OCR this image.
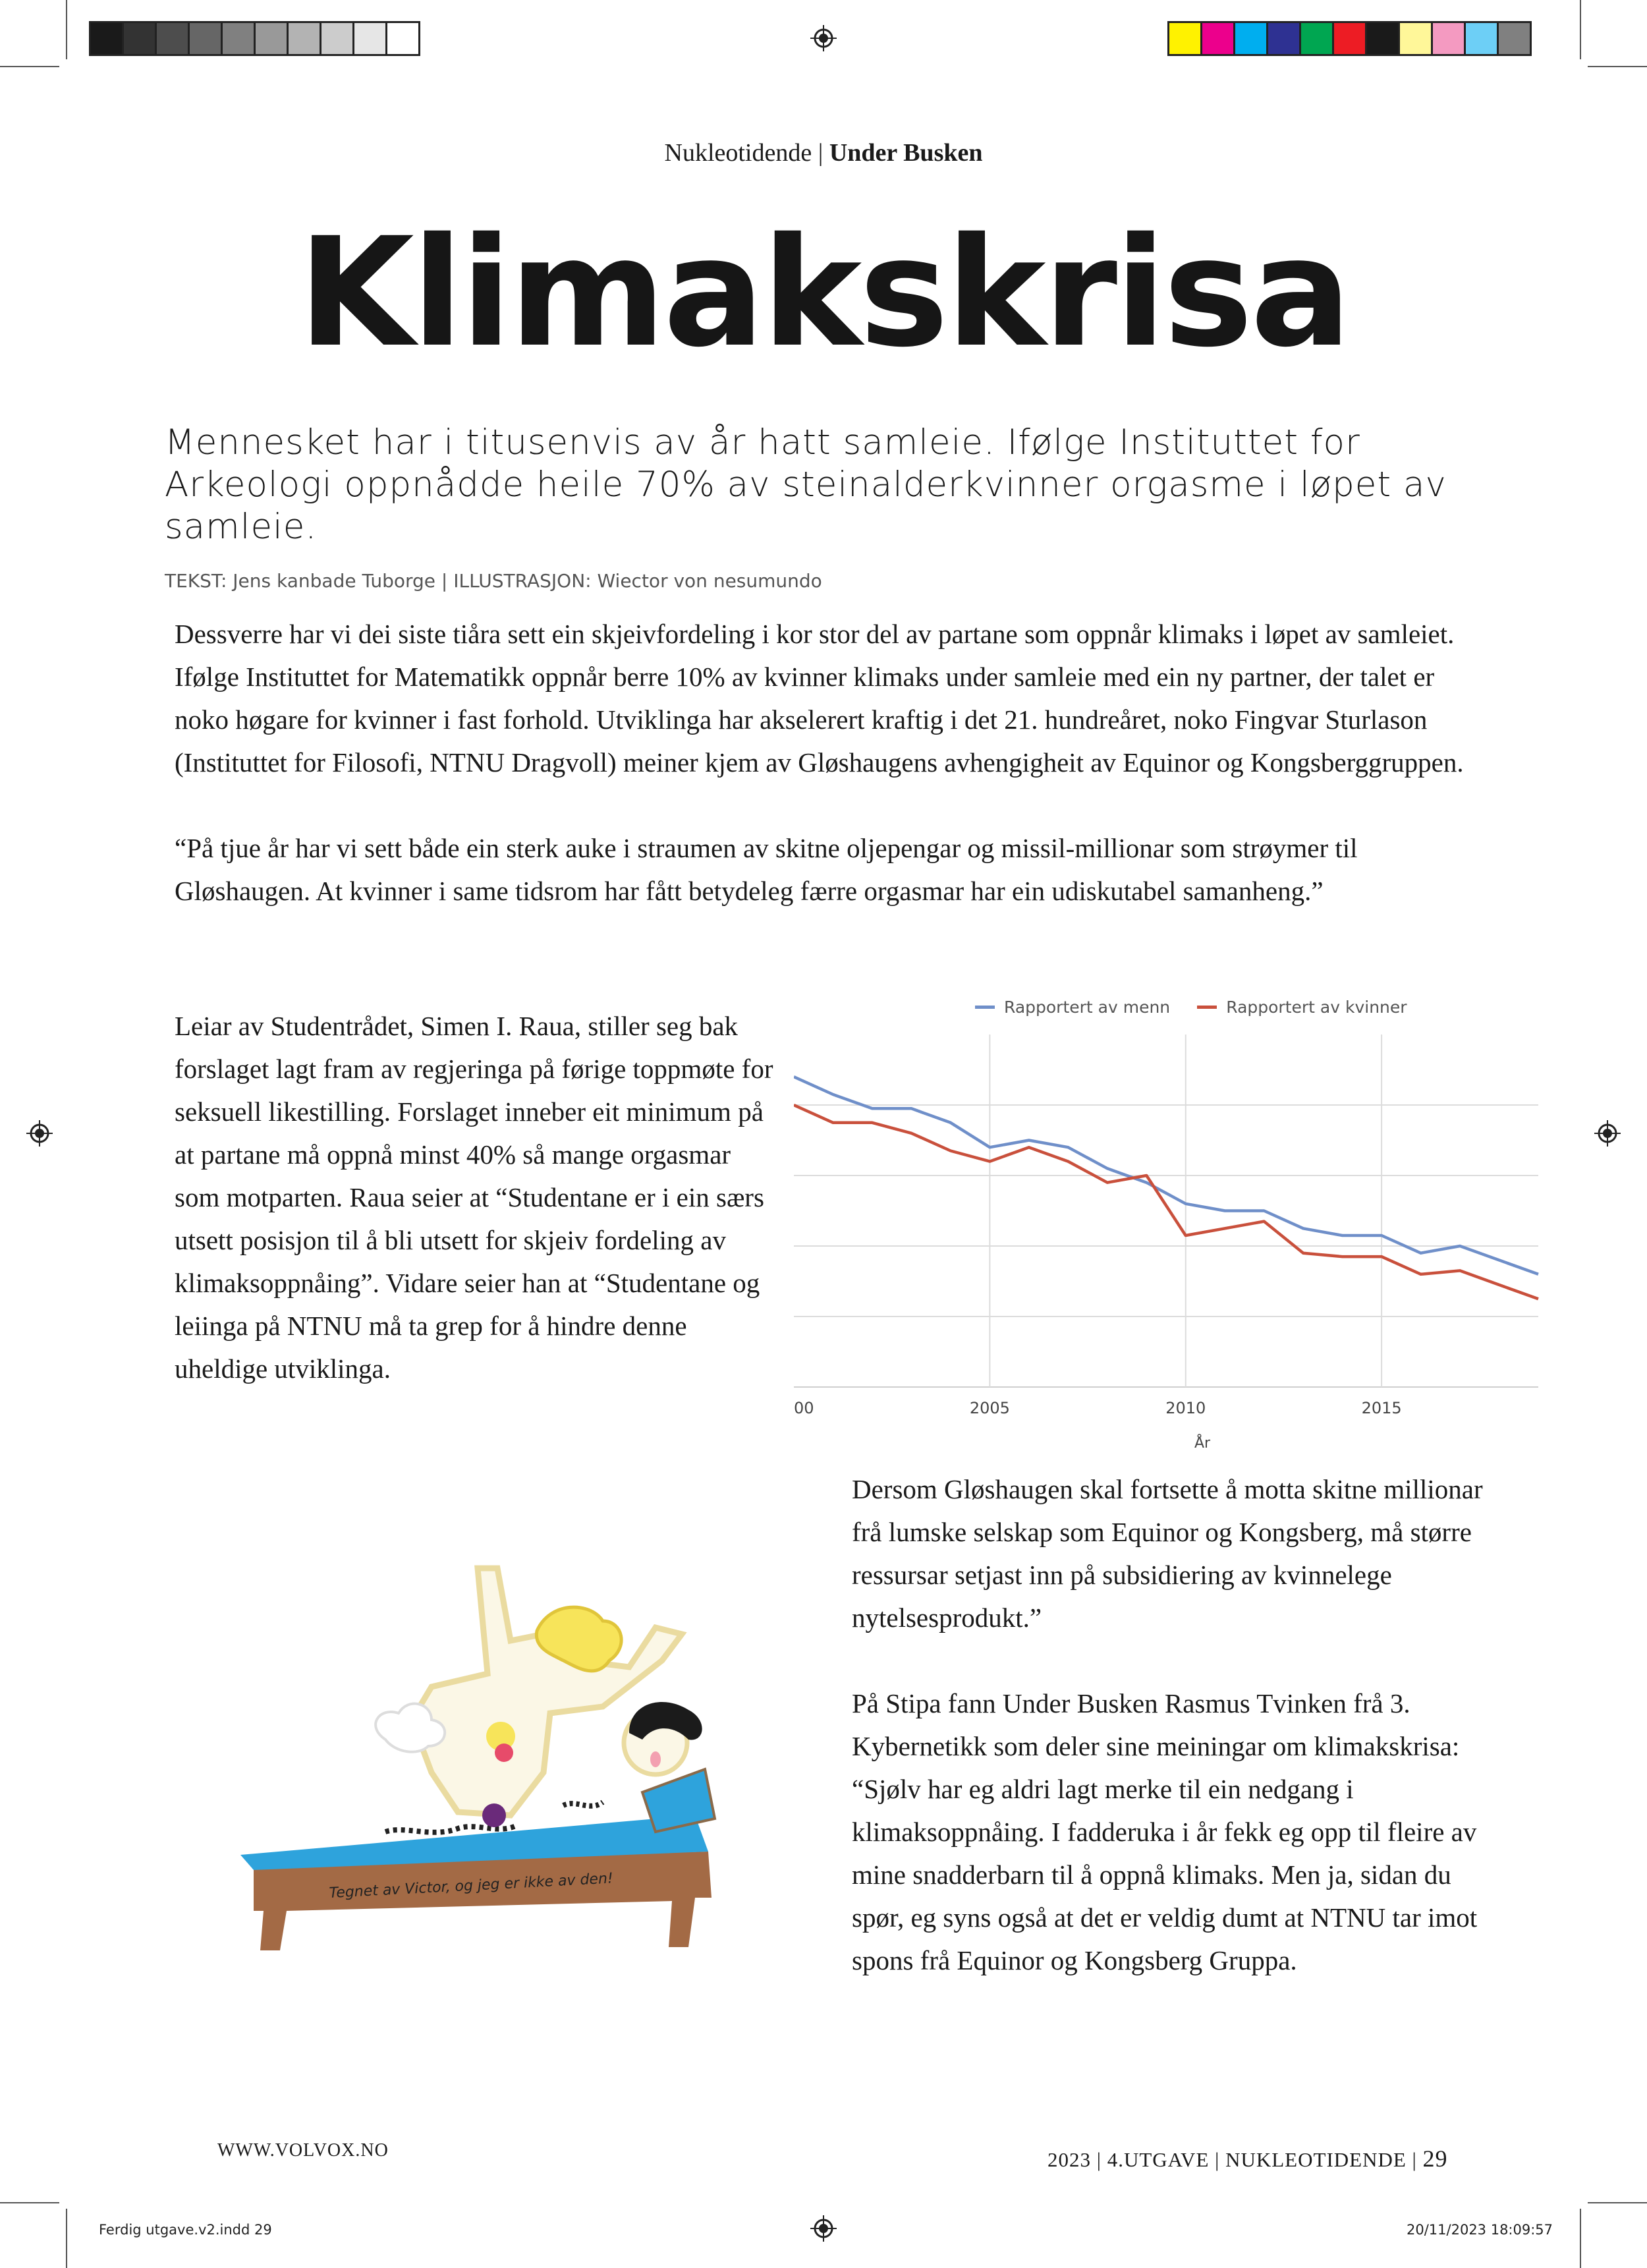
Nukleotidende | Under Busken
Klimakskrisa
Mennesket har i titusenvis av år hatt samleie. Ifølge Instituttet for Arkeologi oppnådde heile 70% av steinalderkvinner orgasme i løpet av samleie.
TEKST: Jens kanbade Tuborge | ILLUSTRASJON: Wiector von nesumundo

Dessverre har vi dei siste tiåra sett ein skjeivfordeling i kor stor del av partane som oppnår klimaks i løpet av samleiet. Ifølge Instituttet for Matematikk oppnår berre 10% av kvinner klimaks under samleie med ein ny partner, der talet er noko høgare for kvinner i fast forhold. Utviklinga har akselerert kraftig i det 21. hundreåret, noko Fingvar Sturlason (Instituttet for Filosofi, NTNU Dragvoll) meiner kjem av Gløshaugens avhengigheit av Equinor og Kongsberggruppen.

“På tjue år har vi sett både ein sterk auke i straumen av skitne oljepengar og missil-millionar som strøymer til Gløshaugen. At kvinner i same tidsrom har fått betydeleg færre orgasmar har ein udiskutabel samanheng.”

Leiar av Studentrådet, Simen I. Raua, stiller seg bak forslaget lagt fram av regjeringa på førige toppmøte for seksuell likestilling. Forslaget inneber eit minimum på at partane må oppnå minst 40% så mange orgasmar som motparten. Raua seier at “Studentane er i ein særs utsett posisjon til å bli utsett for skjeiv fordeling av klimaksoppnåing”. Vidare seier han at “Studentane og leiinga på NTNU må ta grep for å hindre denne uheldige utviklinga.

Dersom Gløshaugen skal fortsette å motta skitne millionar frå lumske selskap som Equinor og Kongsberg, må større ressursar setjast inn på subsidiering av kvinnelege nytelsesprodukt.”

På Stipa fann Under Busken Rasmus Tvinken frå 3. Kybernetikk som deler sine meiningar om klimakskrisa: “Sjølv har eg aldri lagt merke til ein nedgang i klimaksoppnåing. I fadderuka i år fekk eg opp til fleire av mine snadderbarn til å oppnå klimaks. Men ja, sidan du spør, eg syns også at det er veldig dumt at NTNU tar imot spons frå Equinor og Kongsberg Gruppa.

Rapportert av menn
	Rapportert av kvinner
00	2005	2010	2015
År
Tegnet av Victor, og jeg er ikke av den!
WWW.VOLVOX.NO	2023 | 4.UTGAVE | NUKLEOTIDENDE | 29
Ferdig utgave.v2.indd 29	20/11/2023 18:09:57
